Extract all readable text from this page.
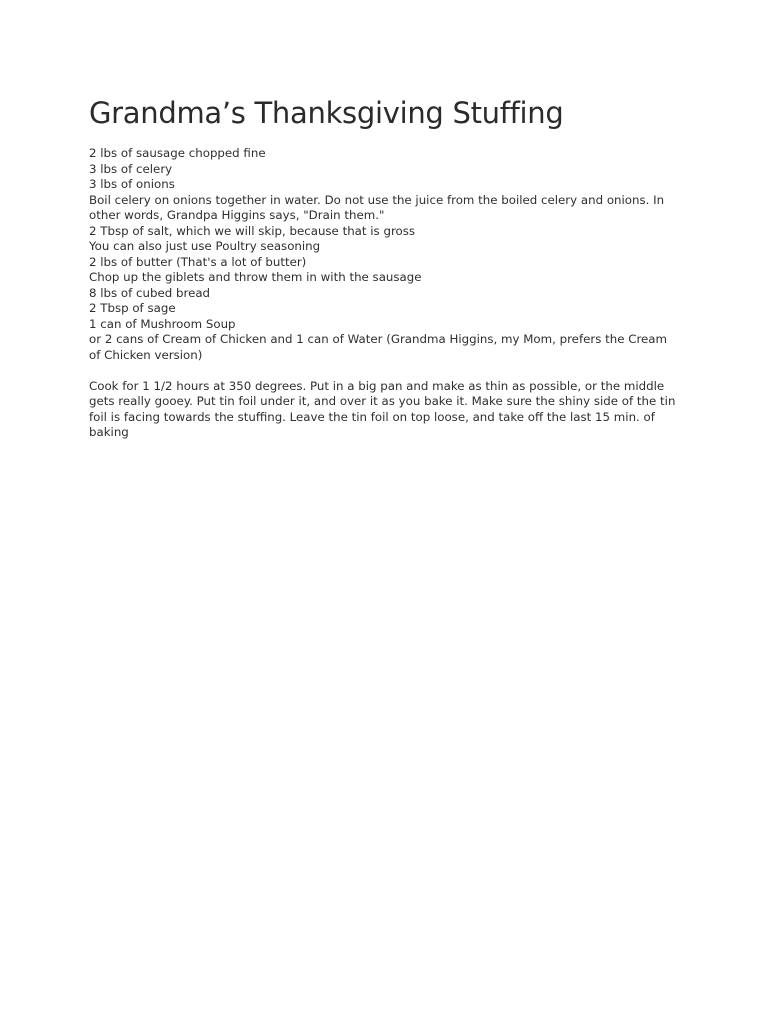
Grandma’s Thanksgiving Stuffing
2 lbs of sausage chopped fine
3 lbs of celery
3 lbs of onions
Boil celery on onions together in water. Do not use the juice from the boiled celery and onions. In other words, Grandpa Higgins says, "Drain them."
2 Tbsp of salt, which we will skip, because that is gross
You can also just use Poultry seasoning
2 lbs of butter (That's a lot of butter)
Chop up the giblets and throw them in with the sausage
8 lbs of cubed bread
2 Tbsp of sage
1 can of Mushroom Soup
or 2 cans of Cream of Chicken and 1 can of Water (Grandma Higgins, my Mom, prefers the Cream of Chicken version)

Cook for 1 1/2 hours at 350 degrees. Put in a big pan and make as thin as possible, or the middle gets really gooey. Put tin foil under it, and over it as you bake it. Make sure the shiny side of the tin foil is facing towards the stuffing. Leave the tin foil on top loose, and take off the last 15 min. of baking
